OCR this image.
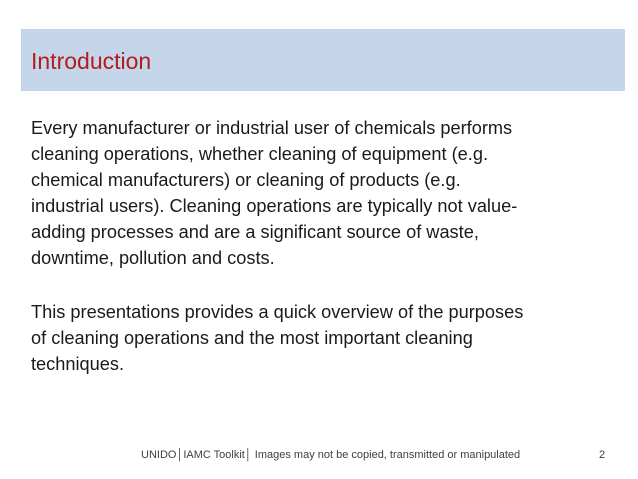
Introduction
Every manufacturer or industrial user of chemicals performs
cleaning operations, whether cleaning of equipment (e.g.
chemical manufacturers) or cleaning of products (e.g.
industrial users). Cleaning operations are typically not value-
adding processes and are a significant source of waste,
downtime, pollution and costs.
This presentations provides a quick overview of the purposes
of cleaning operations and the most important cleaning
techniques.
UNIDO│IAMC Toolkit│ Images may not be copied, transmitted or manipulated	2
